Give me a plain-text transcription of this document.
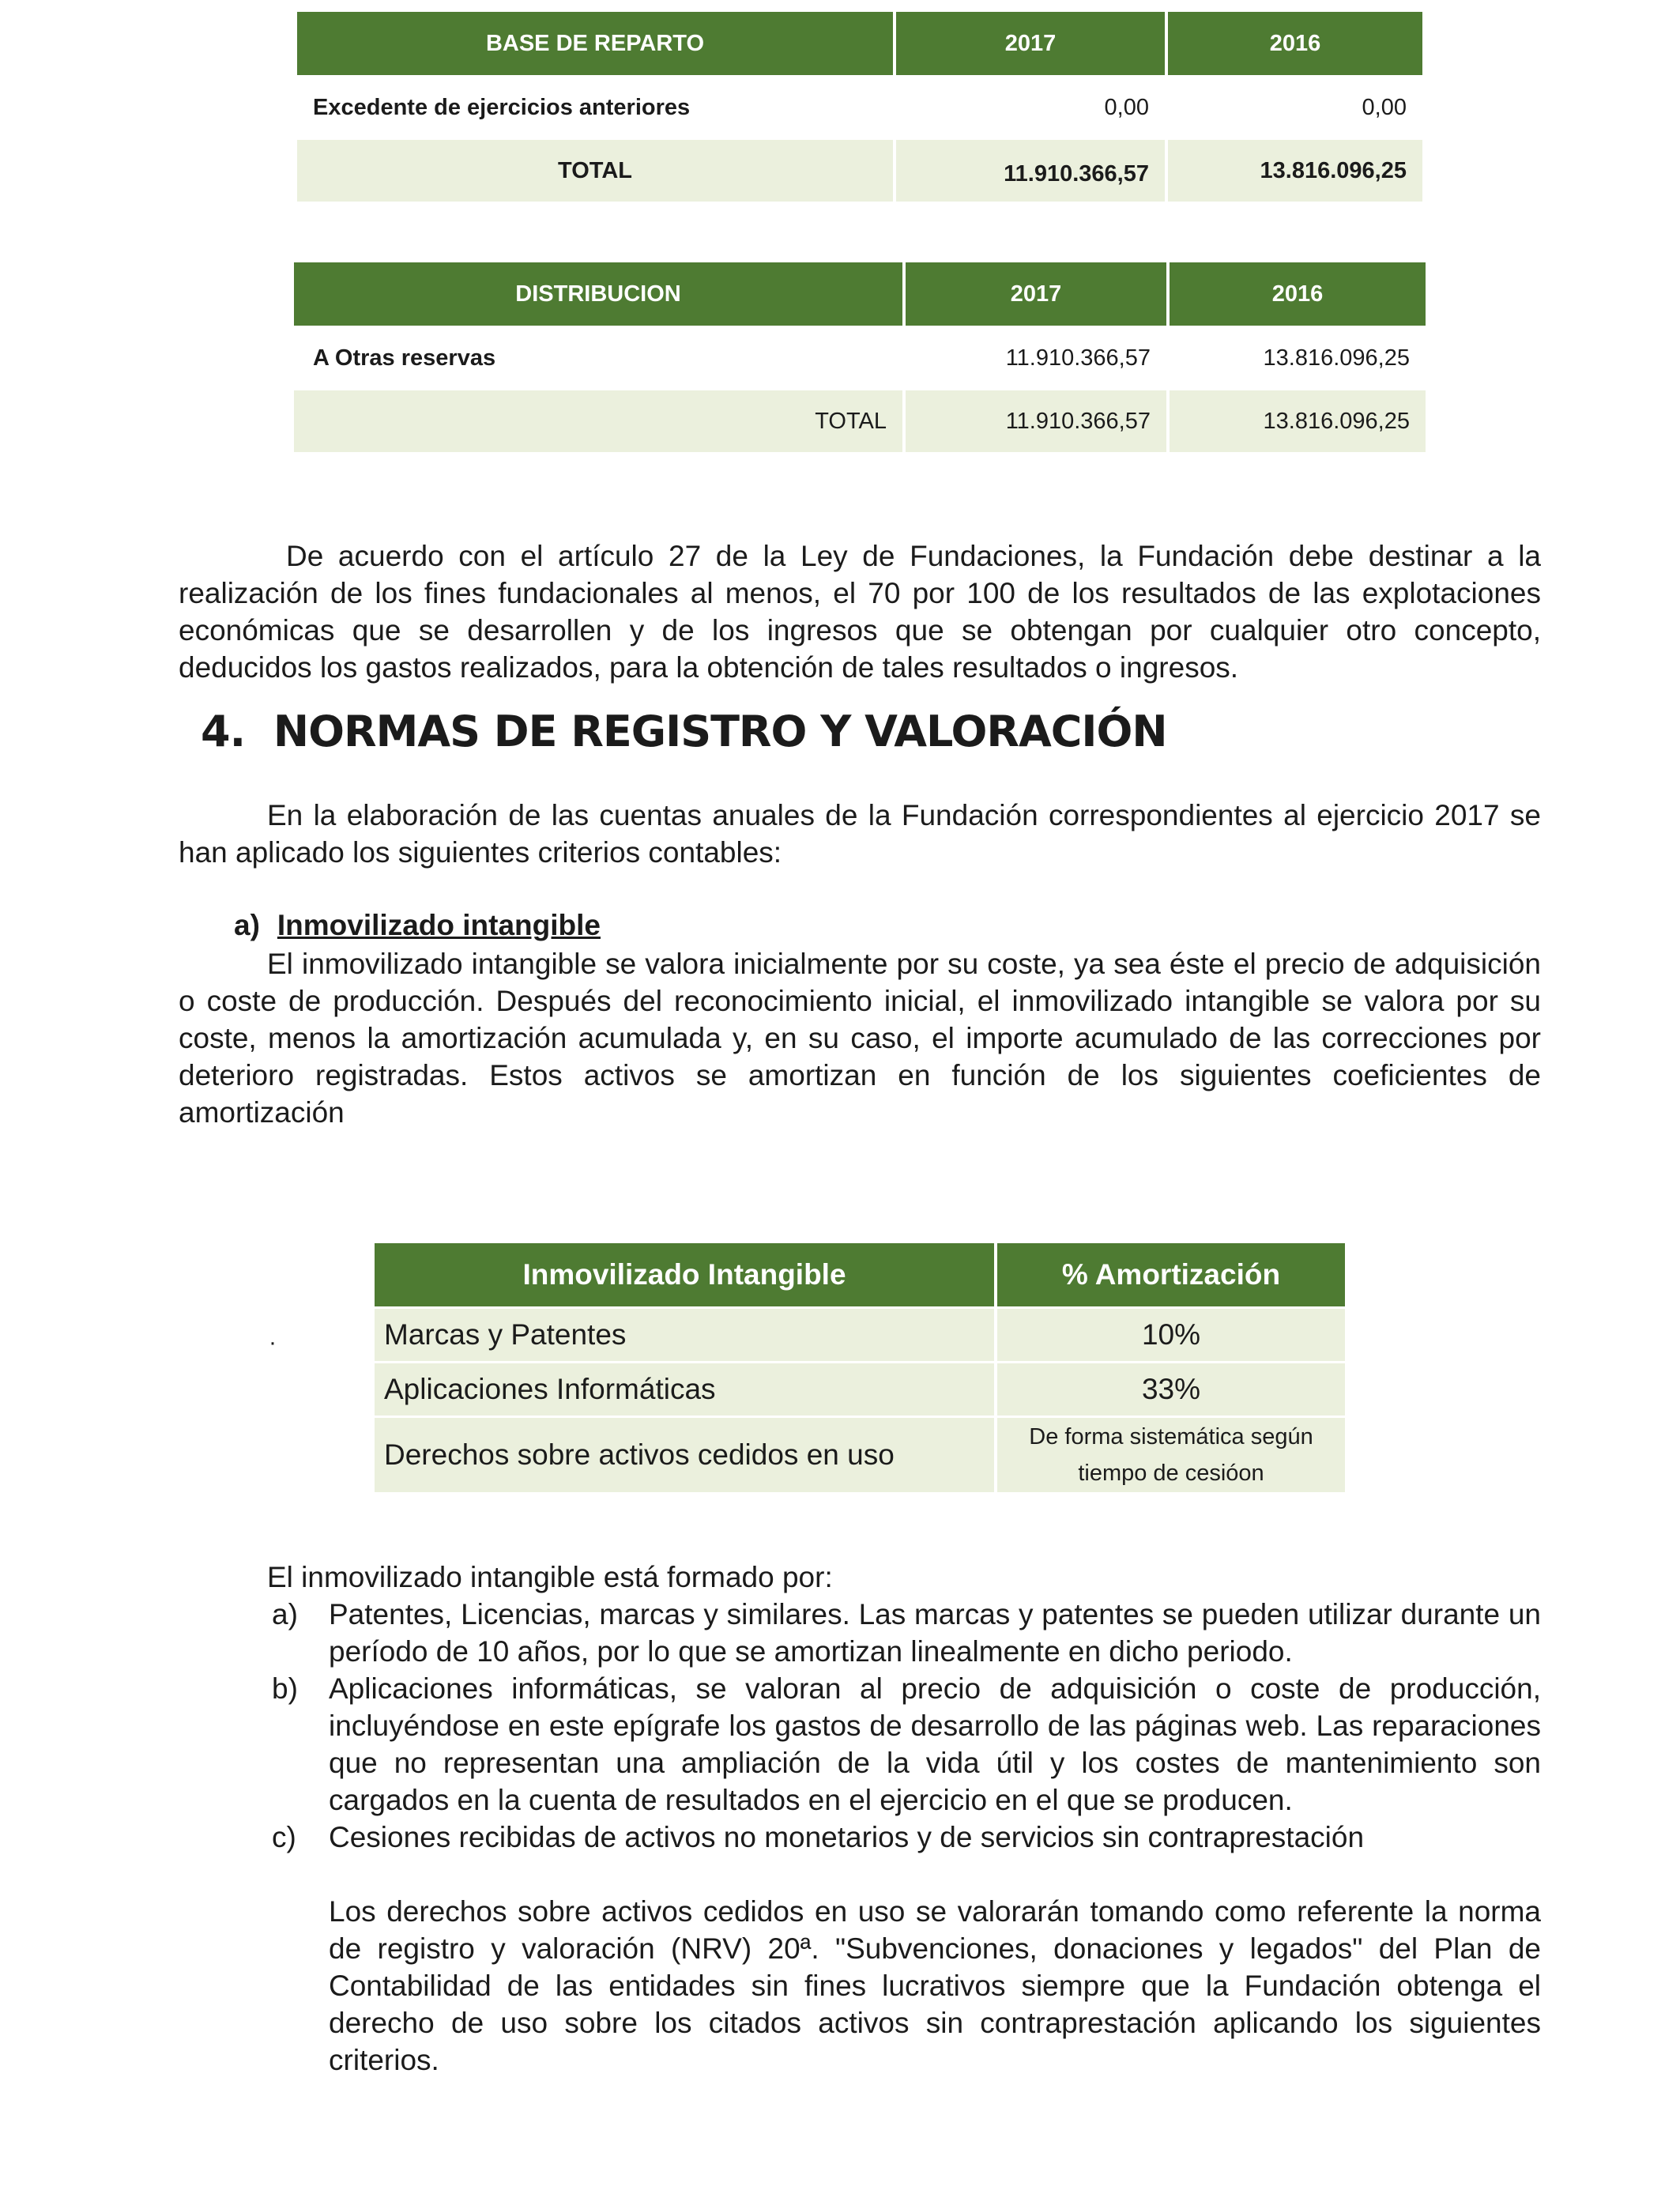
BASE DE REPARTO	2017	2016
Excedente de ejercicios anteriores	0,00	0,00
TOTAL	11.910.366,57	13.816.096,25
DISTRIBUCION	2017	2016
A Otras reservas	11.910.366,57	13.816.096,25
TOTAL	11.910.366,57	13.816.096,25

De acuerdo con el artículo 27 de la Ley de Fundaciones, la Fundación debe destinar a la realización de los fines fundacionales al menos, el 70 por 100 de los resultados de las explotaciones económicas que se desarrollen y de los ingresos que se obtengan por cualquier otro concepto, deducidos los gastos realizados, para la obtención de tales resultados o ingresos.

4. NORMAS DE REGISTRO Y VALORACIÓN

En la elaboración de las cuentas anuales de la Fundación correspondientes al ejercicio 2017 se han aplicado los siguientes criterios contables:

a) Inmovilizado intangible

El inmovilizado intangible se valora inicialmente por su coste, ya sea éste el precio de adquisición o coste de producción. Después del reconocimiento inicial, el inmovilizado intangible se valora por su coste, menos la amortización acumulada y, en su caso, el importe acumulado de las correcciones por deterioro registradas. Estos activos se amortizan en función de los siguientes coeficientes de amortización

·
Inmovilizado Intangible	% Amortización
Marcas y Patentes	10%
Aplicaciones Informáticas	33%
Derechos sobre activos cedidos en uso	De forma sistemática según tiempo de cesióon
El inmovilizado intangible está formado por:
a) Patentes, Licencias, marcas y similares. Las marcas y patentes se pueden utilizar durante un período de 10 años, por lo que se amortizan linealmente en dicho periodo.
b) Aplicaciones informáticas, se valoran al precio de adquisición o coste de producción, incluyéndose en este epígrafe los gastos de desarrollo de las páginas web. Las reparaciones que no representan una ampliación de la vida útil y los costes de mantenimiento son cargados en la cuenta de resultados en el ejercicio en el que se producen.
c) Cesiones recibidas de activos no monetarios y de servicios sin contraprestación
Los derechos sobre activos cedidos en uso se valorarán tomando como referente la norma de registro y valoración (NRV) 20ª. "Subvenciones, donaciones y legados" del Plan de Contabilidad de las entidades sin fines lucrativos siempre que la Fundación obtenga el derecho de uso sobre los citados activos sin contraprestación aplicando los siguientes criterios.
